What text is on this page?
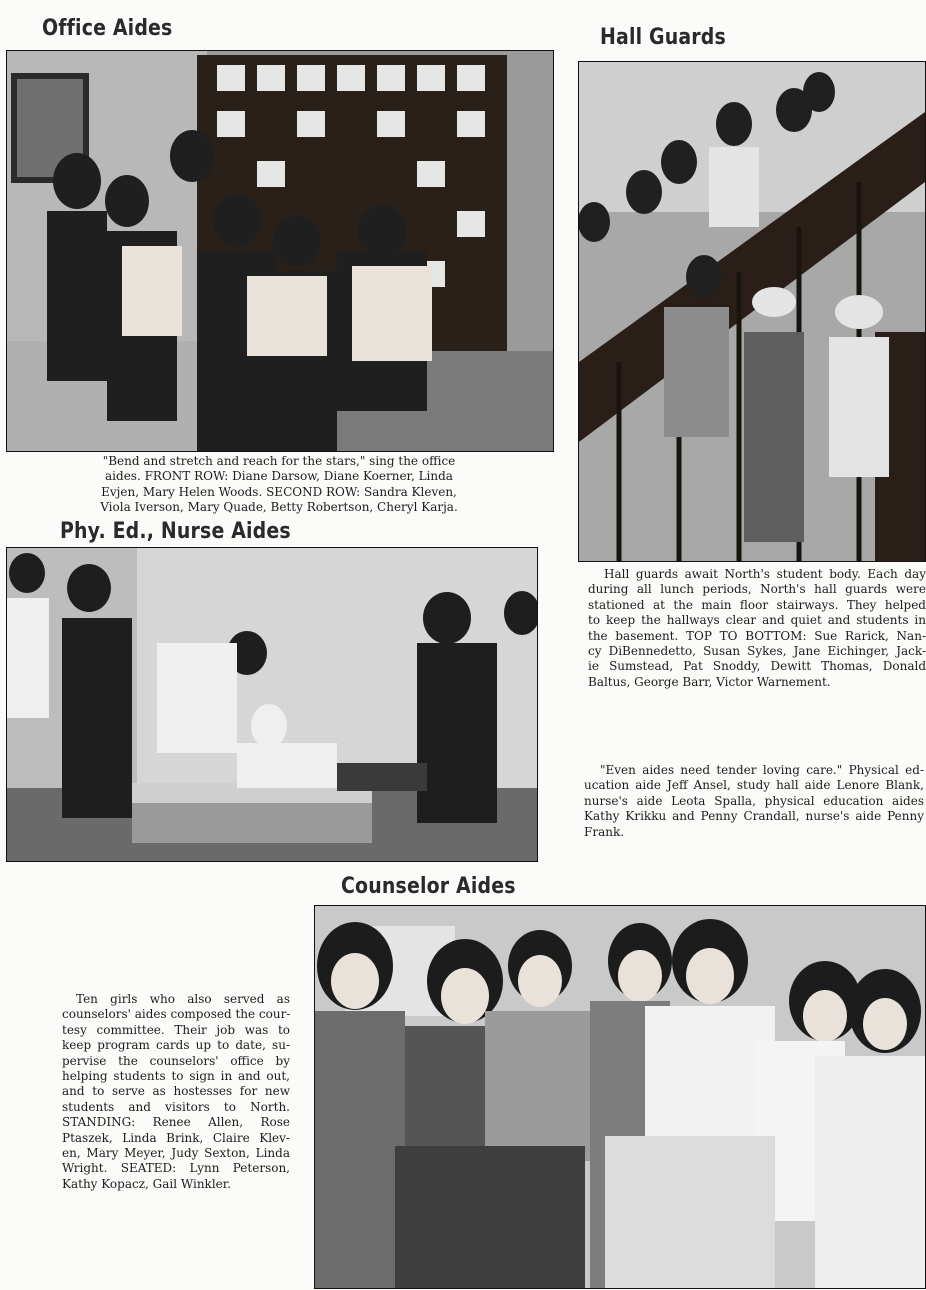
Office Aides

"Bend and stretch and reach for the stars," sing the office
aides. FRONT ROW: Diane Darsow, Diane Koerner, Linda
Evjen, Mary Helen Woods. SECOND ROW: Sandra Kleven,
Viola Iverson, Mary Quade, Betty Robertson, Cheryl Karja.

Hall Guards

Hall guards await North's student body. Each day
during all lunch periods, North's hall guards were
stationed at the main floor stairways. They helped
to keep the hallways clear and quiet and students in
the basement. TOP TO BOTTOM: Sue Rarick, Nan-
cy DiBennedetto, Susan Sykes, Jane Eichinger, Jack-
ie Sumstead, Pat Snoddy, Dewitt Thomas, Donald
Baltus, George Barr, Victor Warnement.

Phy. Ed., Nurse Aides

"Even aides need tender loving care." Physical ed-
ucation aide Jeff Ansel, study hall aide Lenore Blank,
nurse's aide Leota Spalla, physical education aides
Kathy Krikku and Penny Crandall, nurse's aide Penny
Frank.

Counselor Aides

Ten girls who also served as
counselors' aides composed the cour-
tesy committee. Their job was to
keep program cards up to date, su-
pervise the counselors' office by
helping students to sign in and out,
and to serve as hostesses for new
students and visitors to North.
STANDING: Renee Allen, Rose
Ptaszek, Linda Brink, Claire Klev-
en, Mary Meyer, Judy Sexton, Linda
Wright. SEATED: Lynn Peterson,
Kathy Kopacz, Gail Winkler.
